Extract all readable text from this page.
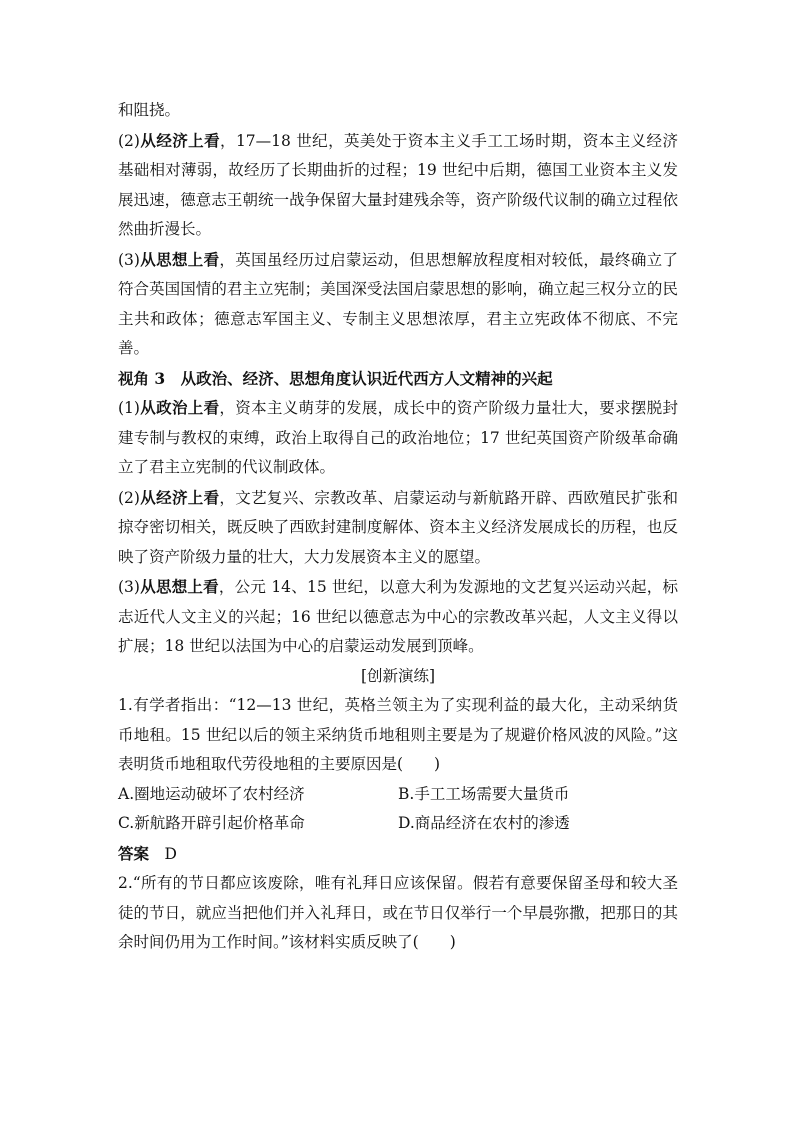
和阻挠。

(2)从经济上看，17—18 世纪，英美处于资本主义手工工场时期，资本主义经济基础相对薄弱，故经历了长期曲折的过程；19 世纪中后期，德国工业资本主义发展迅速，德意志王朝统一战争保留大量封建残余等，资产阶级代议制的确立过程依然曲折漫长。

(3)从思想上看，英国虽经历过启蒙运动，但思想解放程度相对较低，最终确立了符合英国国情的君主立宪制；美国深受法国启蒙思想的影响，确立起三权分立的民主共和政体；德意志军国主义、专制主义思想浓厚，君主立宪政体不彻底、不完善。

视角 3　从政治、经济、思想角度认识近代西方人文精神的兴起

(1)从政治上看，资本主义萌芽的发展，成长中的资产阶级力量壮大，要求摆脱封建专制与教权的束缚，政治上取得自己的政治地位；17 世纪英国资产阶级革命确立了君主立宪制的代议制政体。

(2)从经济上看，文艺复兴、宗教改革、启蒙运动与新航路开辟、西欧殖民扩张和掠夺密切相关，既反映了西欧封建制度解体、资本主义经济发展成长的历程，也反映了资产阶级力量的壮大，大力发展资本主义的愿望。

(3)从思想上看，公元 14、15 世纪，以意大利为发源地的文艺复兴运动兴起，标志近代人文主义的兴起；16 世纪以德意志为中心的宗教改革兴起，人文主义得以扩展；18 世纪以法国为中心的启蒙运动发展到顶峰。

[创新演练]

1.有学者指出：“12—13 世纪，英格兰领主为了实现利益的最大化，主动采纳货币地租。15 世纪以后的领主采纳货币地租则主要是为了规避价格风波的风险。”这表明货币地租取代劳役地租的主要原因是(　　)

A.圈地运动破坏了农村经济	B.手工工场需要大量货币
C.新航路开辟引起价格革命	D.商品经济在农村的渗透

答案　 D

2.“所有的节日都应该废除，唯有礼拜日应该保留。假若有意要保留圣母和较大圣徒的节日，就应当把他们并入礼拜日，或在节日仅举行一个早晨弥撒，把那日的其余时间仍用为工作时间。”该材料实质反映了(　　)
